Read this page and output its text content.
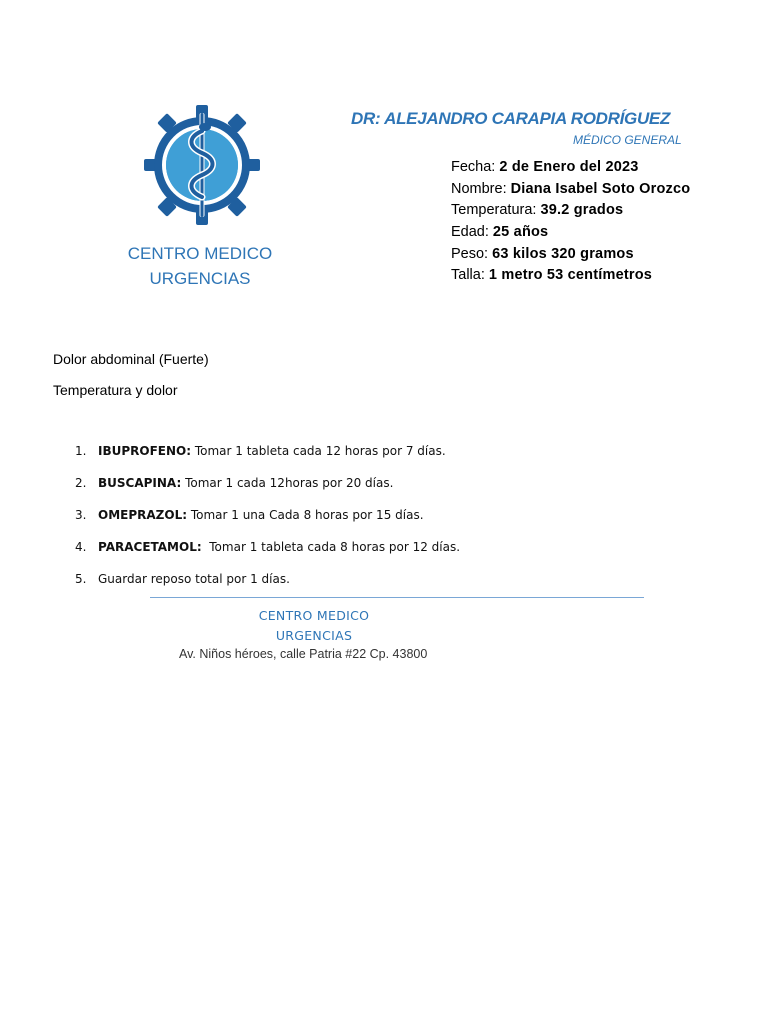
CENTRO MEDICO
URGENCIAS
DR: ALEJANDRO CARAPIA RODRÍGUEZ
MÉDICO GENERAL
Fecha: 2 de Enero del 2023
Nombre: Diana Isabel Soto Orozco
Temperatura: 39.2 grados
Edad: 25 años
Peso: 63 kilos 320 gramos
Talla: 1 metro 53 centímetros
Dolor abdominal (Fuerte)
Temperatura y dolor
1. IBUPROFENO: Tomar 1 tableta cada 12 horas por 7 días.
2. BUSCAPINA: Tomar 1 cada 12horas por 20 días.
3. OMEPRAZOL: Tomar 1 una Cada 8 horas por 15 días.
4. PARACETAMOL:  Tomar 1 tableta cada 8 horas por 12 días.
5. Guardar reposo total por 1 días.
CENTRO MEDICO
URGENCIAS
Av. Niños héroes, calle Patria #22 Cp. 43800
